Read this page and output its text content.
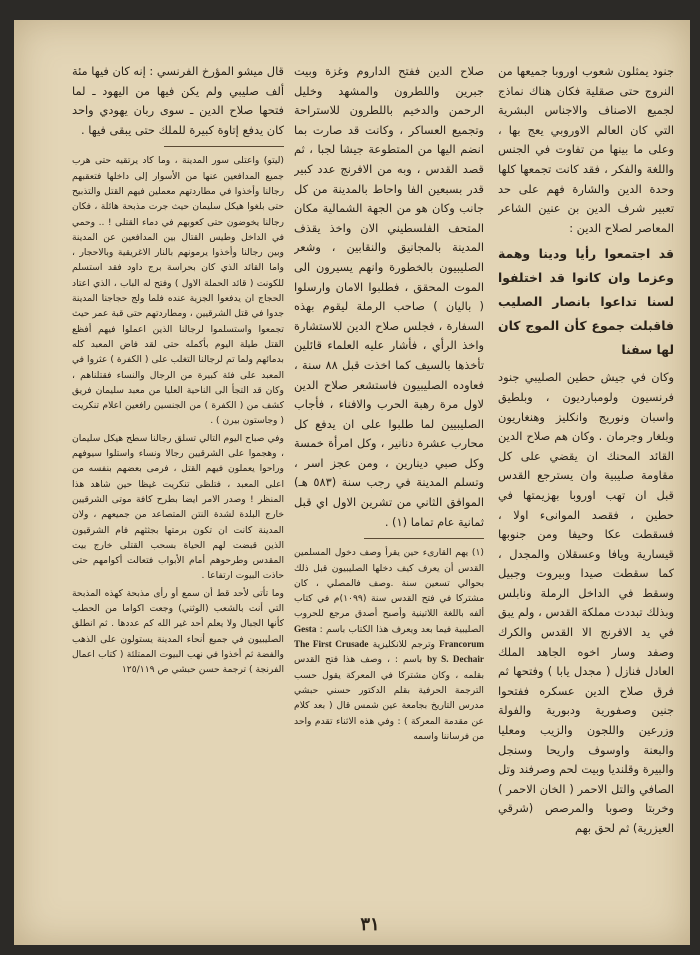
جنود يمثلون شعوب اوروبا جميعها من النروج حتى صقلية فكان هناك نماذج لجميع الاصناف والاجناس البشرية التي كان العالم الاوروبي يعج بها ، وعلى ما بينها من تفاوت في الجنس واللغة والفكر ، فقد كانت تجمعها كلها وحدة الدين والشارة فهم على حد تعبير شرف الدين بن عنين الشاعر المعاصر لصلاح الدين :

قد اجتمعوا رأيا ودينا وهمة وعزما وان كانوا قد اختلفوا لسنا تداعوا بانصار الصليب فاقبلت جموع كأن الموج كان لها سفنا

وكان في جيش حطين الصليبي جنود فرنسيون ولومبارديون ، وبلطيق واسبان ونوريج وانكليز وهنغاريون وبلغار وجرمان . وكان هم صلاح الدين القائد المحنك ان يقضي على كل مقاومة صليبية وان يسترجع القدس قبل ان تهب اوروبا بهزيمتها في حطين ، فقصد الموانىء اولا ، فسقطت عكا وحيفا ومن جنوبها قيسارية ويافا وعسقلان والمجدل ، كما سقطت صيدا وبيروت وجبيل وسقط في الداخل الرملة ونابلس وبذلك تبددت مملكة القدس ، ولم يبق في يد الافرنج الا القدس والكرك وصفد وسار اخوه الجاهد الملك العادل فنازل ( مجدل يابا ) وفتحها ثم فرق صلاح الدين عسكره ففتحوا جنين وصفورية ودبورية والفولة وزرعين واللجون والزيب ومعليا والبعنة واوسوف واريحا وسنجل والبيرة وقلنديا وبيت لحم وصرفند وتل الصافي والتل الاحمر ( الخان الاحمر ) وخربتا وصوبا والمرصص (شرقي العيزرية) ثم لحق بهم

صلاح الدين ففتح الداروم وغزة وبيت جبرين واللطرون والمشهد وخليل الرحمن والدخيم باللطرون للاستراحة وتجميع العساكر ، وكانت قد صارت بما انضم اليها من المتطوعة جيشا لجبا ، ثم قصد القدس ، وبه من الافرنج عدد كبير قدر بسبعين الفا واحاط بالمدينة من كل جانب وكان هو من الجهة الشمالية مكان المتحف الفلسطيني الان واخذ يقذف المدينة بالمجانيق والنقابين ، وشعر الصليبيون بالخطورة وانهم يسيرون الى الموت المحقق ، فطلبوا الامان وارسلوا ( باليان ) صاحب الرملة ليقوم بهذه السفارة ، فجلس صلاح الدين للاستشارة واخذ الرأي ، فأشار عليه العلماء قائلين تأخذها بالسيف كما اخذت قبل ٨٨ سنة ، فعاوده الصليبيون فاستشعر صلاح الدين لاول مرة رهبة الحرب والافناء ، فأجاب الصليبيين لما طلبوا على ان يدفع كل محارب عشرة دنانير ، وكل امرأة خمسة وكل صبي دينارين ، ومن عجز اسر ، وتسلم المدينة في رجب سنة (٥٨٣ هـ) الموافق الثاني من تشرين الاول اي قبل ثمانية عام تماما (١) .

(١) يهم القارىء حين يقرأ وصف دخول المسلمين القدس أن يعرف كيف دخلها الصليبيون قبل ذلك بحوالي تسعين سنة .وصف فالمصلي ، كان مشتركا في فتح القدس سنة (١٠٩٩)م في كتاب ألفه باللغة اللاتينية وأصبح أصدق مرجع للحروب الصليبية فيما بعد ويعرف هذا الكتاب باسم : Gesta Francorum وترجم للانكليزية The First Crusade by S. Dechair باسم : ، وصف هذا فتح القدس بقلمه ، وكان مشتركا في المعركة يقول حسب الترجمة الحرفية بقلم الدكتور حسني حبشي مدرس التاريخ بجامعة عين شمس قال ( بعد كلام عن مقدمة المعركة ) : وفي هذه الاثناء تقدم واحد من فرساننا واسمه

قال ميشو المؤرخ الفرنسي : إنه كان فيها مئة ألف صليبي ولم يكن فيها من اليهود ـ لما فتحها صلاح الدين ـ سوى ربان يهودي واحد كان يدفع إتاوة كبيرة للملك حتى يبقى فيها .

(ليتو) واعتلى سور المدينة ، وما كاد يرتقيه حتى هرب جميع المدافعين عنها من الأسوار إلى داخلها فتعقبهم رجالنا وأخذوا في مطاردتهم معملين فيهم القتل والتذبيح حتى بلغوا هيكل سليمان حيث جرت مذبحة هائلة ، فكان رجالنا يخوضون حتى كعوبهم في دماء القتلى ! .. وحمي في الداخل وطيس القتال بين المدافعين عن المدينة وبين رجالنا وأخذوا يرمونهم بالنار الاغريقية وبالاحجار ، واما القائد الذي كان بحراسة برج داود فقد استسلم للكونت ( قائد الحملة الاول ) وفتح له الباب ، الذي اعتاد الحجاج ان يدفعوا الجزية عنده فلما ولج حجاجنا المدينة جدوا في قتل الشرقيين ، ومطاردتهم حتى قبة عمر حيث تجمعوا واستسلموا لرجالنا الذين اعملوا فيهم أفظع القتل طيلة اليوم بأكمله حتى لقد فاض المعبد كله بدمائهم ولما تم لرجالنا التغلب على ( الكفرة ) عثروا في المعبد على فئة كبيرة من الرجال والنساء فقتلناهم ، وكان قد التجأ الى الناحية العليا من معبد سليمان فريق كشف من ( الكفرة ) من الجنسين رافعين اعلام تنكريت ( وجاستون بيرن ) .

وفي صباح اليوم التالي تسلق رجالنا سطح هيكل سليمان ، وهجموا على الشرقيين رجالا ونساء واستلوا سيوفهم وراحوا يعملون فيهم القتل ، فرمى بعضهم بنفسه من اعلى المعبد ، فتلظى تنكريت غيظا حين شاهد هذا المنظر ! وصدر الامر ايضا بطرح كافة موتى الشرقيين خارج البلدة لشدة النتن المتصاعد من جميعهم ، ولان المدينة كانت ان تكون برمتها بجثثهم فام الشرقيون الذين قبضت لهم الحياة بسحب القتلى خارج بيت المقدس وطرحوهم أمام الأبواب فتعالت أكوامهم حتى حاذت البيوت ارتفاعا .

وما تأتى لأحد قط أن سمع أو رأى مذبحة كهذه المذبحة التي أنت بالشعب (الوثني) وجعت اكواما من الحطب كأنها الجبال ولا يعلم أحد غير الله كم عددها . ثم انطلق الصليبيون في جميع أنحاء المدينة يستولون على الذهب والفضة ثم أخذوا في نهب البيوت الممتلئة ( كتاب اعمال الفرنجة ) ترجمة حسن حبشي ص ١٢٥/١١٩

٣١
